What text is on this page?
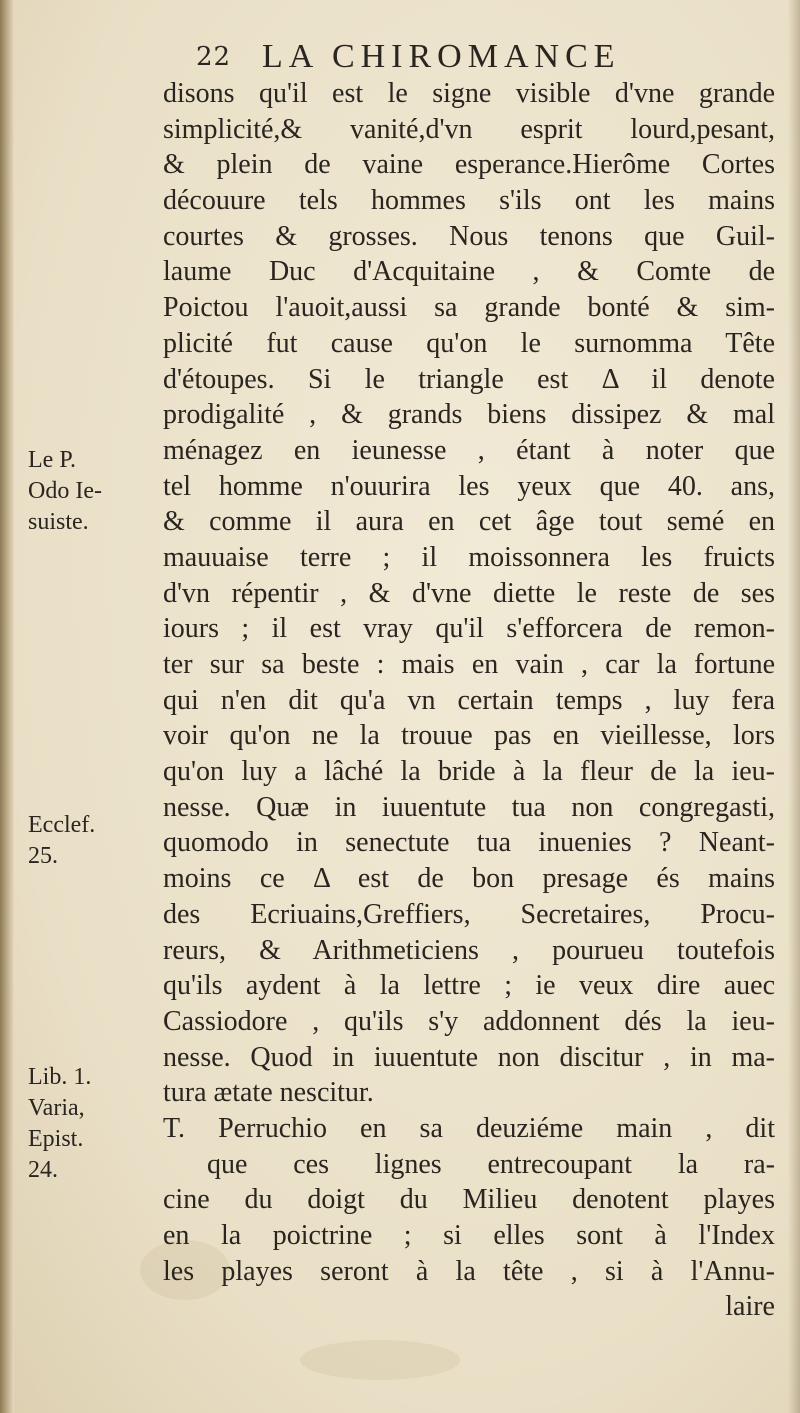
22 LA CHIROMANCE
disons qu'il est le signe visible d'vne grande
simplicité,& vanité,d'vn esprit lourd,pesant,
& plein de vaine esperance.Hierôme Cortes
découure tels hommes s'ils ont les mains
courtes & grosses. Nous tenons que Guil-
laume Duc d'Acquitaine , & Comte de
Poictou l'auoit,aussi sa grande bonté & sim-
plicité fut cause qu'on le surnomma Tête
d'étoupes. Si le triangle est Δ il denote
prodigalité , & grands biens dissipez & mal
ménagez en ieunesse , étant à noter que
tel homme n'ouurira les yeux que 40. ans,
& comme il aura en cet âge tout semé en
mauuaise terre ; il moissonnera les fruicts
d'vn répentir , & d'vne diette le reste de ses
iours ; il est vray qu'il s'efforcera de remon-
ter sur sa beste : mais en vain , car la fortune
qui n'en dit qu'a vn certain temps , luy fera
voir qu'on ne la trouue pas en vieillesse, lors
qu'on luy a lâché la bride à la fleur de la ieu-
nesse. Quæ in iuuentute tua non congregasti,
quomodo in senectute tua inuenies ? Neant-
moins ce Δ est de bon presage és mains
des Ecriuains,Greffiers, Secretaires, Procu-
reurs, & Arithmeticiens , pourueu toutefois
qu'ils aydent à la lettre ; ie veux dire auec
Cassiodore , qu'ils s'y addonnent dés la ieu-
nesse. Quod in iuuentute non discitur , in ma-
tura ætate nescitur.
T. Perruchio en sa deuziéme main , dit
que ces lignes entrecoupant la ra-
cine du doigt du Milieu denotent playes
en la poictrine ; si elles sont à l'Index
les playes seront à la tête , si à l'Annu-
laire
Le P.
Odo Ie-
suiste.
Ecclef.
25.
Lib. 1.
Varia,
Epist.
24.
